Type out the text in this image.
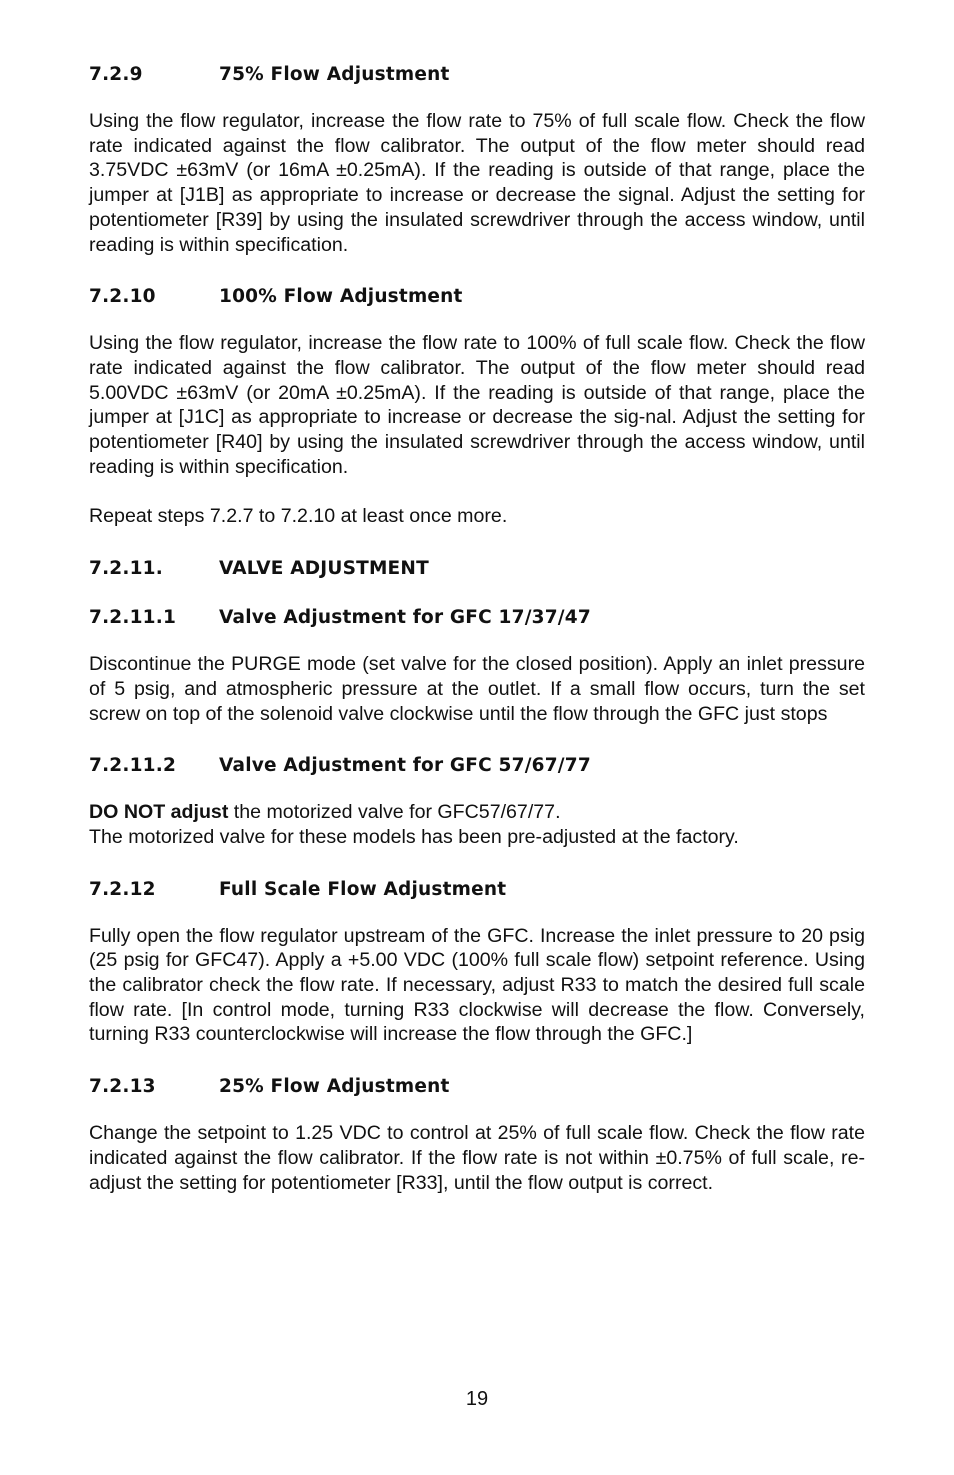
7.2.9	75% Flow Adjustment

Using the flow regulator, increase the flow rate to 75% of full scale flow. Check the flow rate indicated against the flow calibrator. The output of the flow meter should read 3.75VDC ±63mV (or 16mA ±0.25mA). If the reading is outside of that range, place the jumper at [J1B] as appropriate to increase or decrease the signal. Adjust the setting for potentiometer [R39] by using the insulated screwdriver through the access window, until reading is within specification.

7.2.10	100% Flow Adjustment

Using the flow regulator, increase the flow rate to 100% of full scale flow. Check the flow rate indicated against the flow calibrator. The output of the flow meter should read 5.00VDC ±63mV (or 20mA ±0.25mA). If the reading is outside of that range, place the jumper at [J1C] as appropriate to increase or decrease the sig-nal. Adjust the setting for potentiometer [R40] by using the insulated screwdriver through the access window, until reading is within specification.

Repeat steps 7.2.7 to 7.2.10 at least once more.

7.2.11.	VALVE ADJUSTMENT
7.2.11.1	Valve Adjustment for GFC 17/37/47

Discontinue the PURGE mode (set valve for the closed position). Apply an inlet pressure of 5 psig, and atmospheric pressure at the outlet. If a small flow occurs, turn the set screw on top of the solenoid valve clockwise until the flow through the GFC just stops

7.2.11.2	Valve Adjustment for GFC 57/67/77

DO NOT adjust the motorized valve for GFC57/67/77.
The motorized valve for these models has been pre-adjusted at the factory.

7.2.12	Full Scale Flow Adjustment

Fully open the flow regulator upstream of the GFC. Increase the inlet pressure to 20 psig (25 psig for GFC47). Apply a +5.00 VDC (100% full scale flow) setpoint reference. Using the calibrator check the flow rate. If necessary, adjust R33 to match the desired full scale flow rate. [In control mode, turning R33 clockwise will decrease the flow. Conversely, turning R33 counterclockwise will increase the flow through the GFC.]

7.2.13	25% Flow Adjustment

Change the setpoint to 1.25 VDC to control at 25% of full scale flow. Check the flow rate indicated against the flow calibrator. If the flow rate is not within ±0.75% of full scale, re-adjust the setting for potentiometer [R33], until the flow output is correct.

19
